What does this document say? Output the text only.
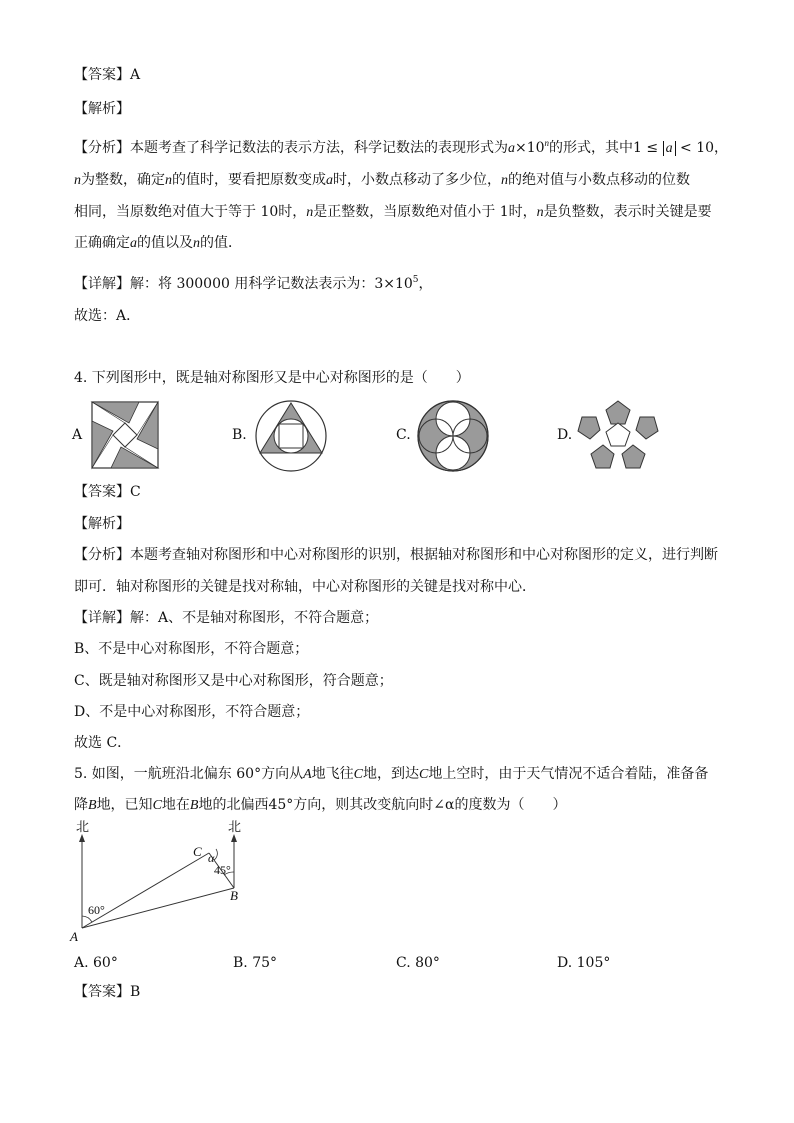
【答案】A
【解析】
【分析】本题考查了科学记数法的表示方法，科学记数法的表现形式为$a\times 10^n$的形式，其中1 ≤ a < 10，
n为整数，确定n的值时，要看把原数变成a时，小数点移动了多少位，n的绝对值与小数点移动的位数
相同，当原数绝对值大于等于 10时，n是正整数，当原数绝对值小于 1时，n是负整数，表示时关键是要
正确确定a的值以及n的值．
【详解】解：将 300000 用科学记数法表示为：$3\times 10^5$，
故选：A．
4. 下列图形中，既是轴对称图形又是中心对称图形的是（　　）
A	B.	C.	D.
【答案】C
【解析】
【分析】本题考查轴对称图形和中心对称图形的识别，根据轴对称图形和中心对称图形的定义，进行判断
即可．轴对称图形的关键是找对称轴，中心对称图形的关键是找对称中心．
【详解】解：A、不是轴对称图形，不符合题意；
B、不是中心对称图形，不符合题意；
C、既是轴对称图形又是中心对称图形，符合题意；
D、不是中心对称图形，不符合题意；
故选 C．
5. 如图，一航班沿北偏东 60°方向从A地飞往C地，到达C地上空时，由于天气情况不适合着陆，准备备
降B地，已知C地在B地的北偏西45°方向，则其改变航向时∠α的度数为（　　）
北	北
A
B
C α
60°
45°
A. 60°	B. 75°	C. 80°	D. 105°
【答案】B
